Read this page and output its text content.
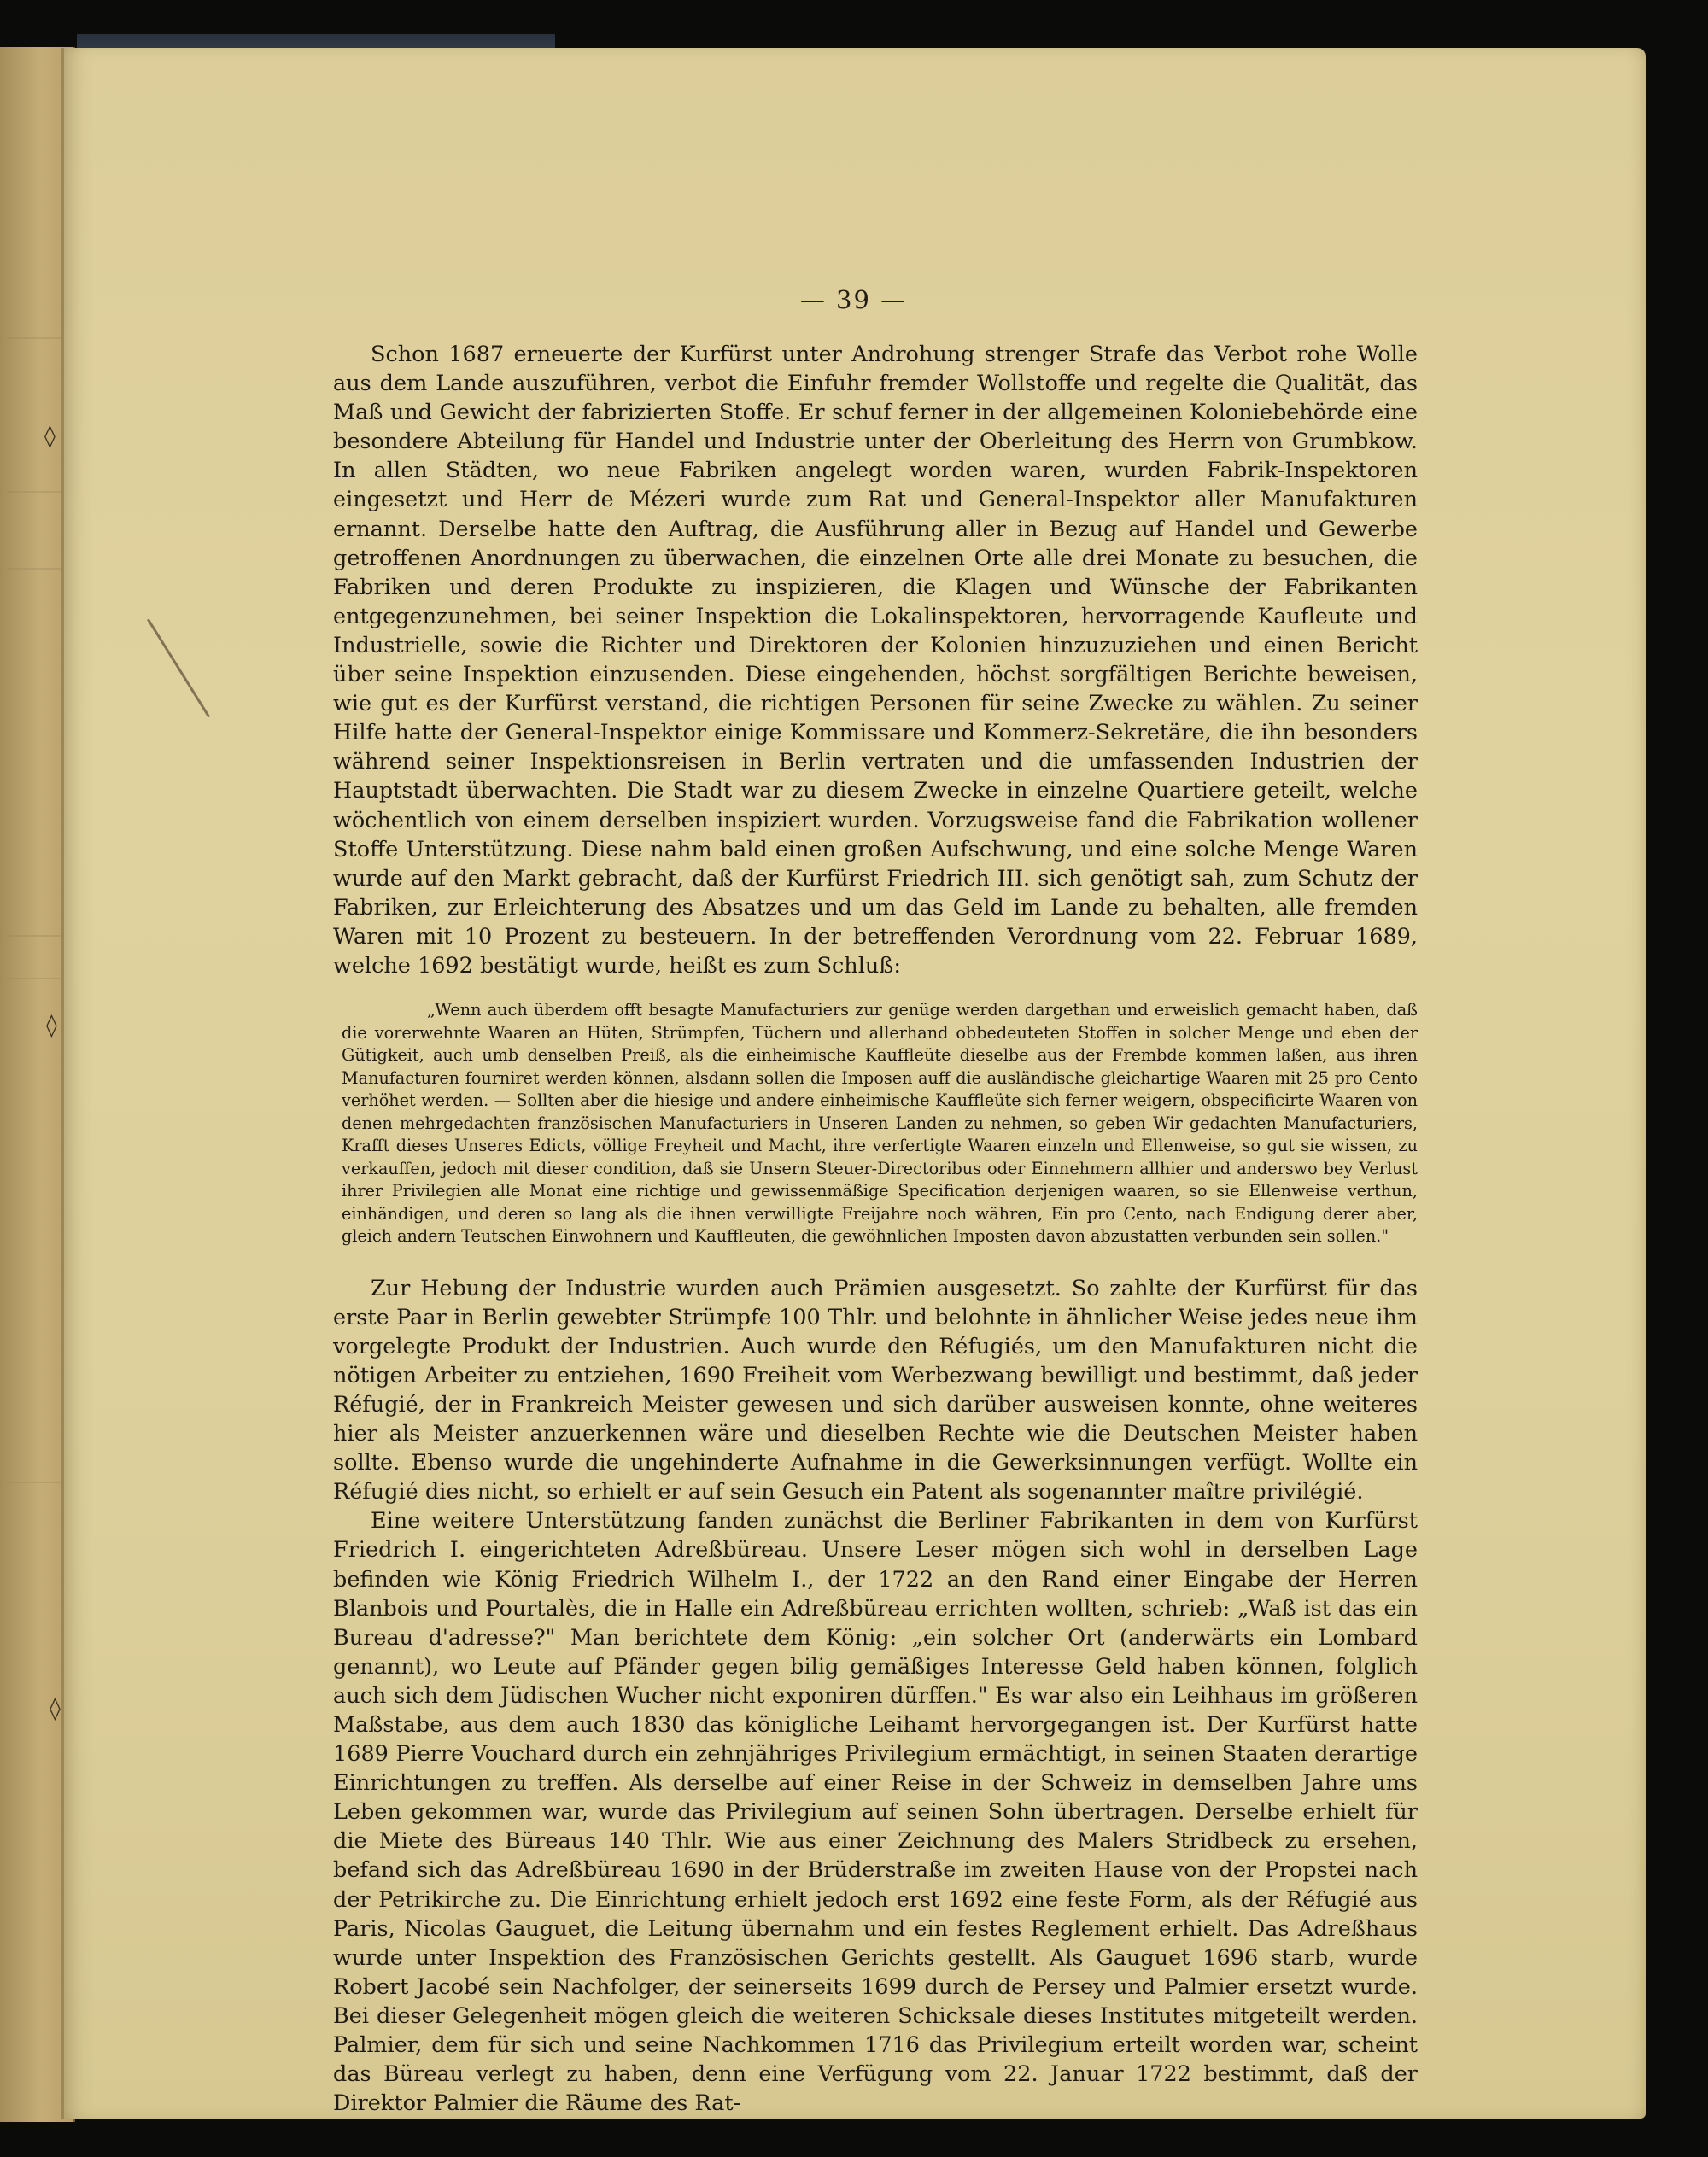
◊
◊
◊
— 39 —

Schon 1687 erneuerte der Kurfürst unter Androhung strenger Strafe das Verbot rohe Wolle aus dem Lande auszuführen, verbot die Einfuhr fremder Wollstoffe und regelte die Qualität, das Maß und Gewicht der fabrizierten Stoffe. Er schuf ferner in der allgemeinen Koloniebehörde eine besondere Abteilung für Handel und Industrie unter der Oberleitung des Herrn von Grumbkow. In allen Städten, wo neue Fabriken angelegt worden waren, wurden Fabrik-Inspektoren eingesetzt und Herr de Mézeri wurde zum Rat und General-Inspektor aller Manufakturen ernannt. Derselbe hatte den Auftrag, die Ausführung aller in Bezug auf Handel und Gewerbe getroffenen Anordnungen zu überwachen, die einzelnen Orte alle drei Monate zu besuchen, die Fabriken und deren Produkte zu inspizieren, die Klagen und Wünsche der Fabrikanten entgegenzunehmen, bei seiner Inspektion die Lokalinspektoren, hervorragende Kaufleute und Industrielle, sowie die Richter und Direktoren der Kolonien hinzuzuziehen und einen Bericht über seine Inspektion einzusenden. Diese eingehenden, höchst sorgfältigen Berichte beweisen, wie gut es der Kurfürst verstand, die richtigen Personen für seine Zwecke zu wählen. Zu seiner Hilfe hatte der General-Inspektor einige Kommissare und Kommerz-Sekretäre, die ihn besonders während seiner Inspektionsreisen in Berlin vertraten und die umfassenden Industrien der Hauptstadt überwachten. Die Stadt war zu diesem Zwecke in einzelne Quartiere geteilt, welche wöchentlich von einem derselben inspiziert wurden. Vorzugsweise fand die Fabrikation wollener Stoffe Unterstützung. Diese nahm bald einen großen Aufschwung, und eine solche Menge Waren wurde auf den Markt gebracht, daß der Kurfürst Friedrich III. sich genötigt sah, zum Schutz der Fabriken, zur Erleichterung des Absatzes und um das Geld im Lande zu behalten, alle fremden Waren mit 10 Prozent zu besteuern. In der betreffenden Verordnung vom 22. Februar 1689, welche 1692 bestätigt wurde, heißt es zum Schluß:

„Wenn auch überdem offt besagte Manufacturiers zur genüge werden dargethan und erweislich gemacht haben, daß die vorerwehnte Waaren an Hüten, Strümpfen, Tüchern und allerhand obbedeuteten Stoffen in solcher Menge und eben der Gütigkeit, auch umb denselben Preiß, als die einheimische Kauffleüte dieselbe aus der Frembde kommen laßen, aus ihren Manufacturen fourniret werden können, alsdann sollen die Imposen auff die ausländische gleichartige Waaren mit 25 pro Cento verhöhet werden. — Sollten aber die hiesige und andere einheimische Kauffleüte sich ferner weigern, obspecificirte Waaren von denen mehrgedachten französischen Manufacturiers in Unseren Landen zu nehmen, so geben Wir gedachten Manufacturiers, Krafft dieses Unseres Edicts, völlige Freyheit und Macht, ihre verfertigte Waaren einzeln und Ellenweise, so gut sie wissen, zu verkauffen, jedoch mit dieser condition, daß sie Unsern Steuer-Directoribus oder Einnehmern allhier und anderswo bey Verlust ihrer Privilegien alle Monat eine richtige und gewissenmäßige Specification derjenigen waaren, so sie Ellenweise verthun, einhändigen, und deren so lang als die ihnen verwilligte Freijahre noch währen, Ein pro Cento, nach Endigung derer aber, gleich andern Teutschen Einwohnern und Kauffleuten, die gewöhnlichen Imposten davon abzustatten verbunden sein sollen."

Zur Hebung der Industrie wurden auch Prämien ausgesetzt. So zahlte der Kurfürst für das erste Paar in Berlin gewebter Strümpfe 100 Thlr. und belohnte in ähnlicher Weise jedes neue ihm vorgelegte Produkt der Industrien. Auch wurde den Réfugiés, um den Manufakturen nicht die nötigen Arbeiter zu entziehen, 1690 Freiheit vom Werbezwang bewilligt und bestimmt, daß jeder Réfugié, der in Frankreich Meister gewesen und sich darüber ausweisen konnte, ohne weiteres hier als Meister anzuerkennen wäre und dieselben Rechte wie die Deutschen Meister haben sollte. Ebenso wurde die ungehinderte Aufnahme in die Gewerksinnungen verfügt. Wollte ein Réfugié dies nicht, so erhielt er auf sein Gesuch ein Patent als sogenannter maître privilégié.

Eine weitere Unterstützung fanden zunächst die Berliner Fabrikanten in dem von Kurfürst Friedrich I. eingerichteten Adreßbüreau. Unsere Leser mögen sich wohl in derselben Lage befinden wie König Friedrich Wilhelm I., der 1722 an den Rand einer Eingabe der Herren Blanbois und Pourtalès, die in Halle ein Adreßbüreau errichten wollten, schrieb: „Waß ist das ein Bureau d'adresse?" Man berichtete dem König: „ein solcher Ort (anderwärts ein Lombard genannt), wo Leute auf Pfänder gegen bilig gemäßiges Interesse Geld haben können, folglich auch sich dem Jüdischen Wucher nicht exponiren dürffen." Es war also ein Leihhaus im größeren Maßstabe, aus dem auch 1830 das königliche Leihamt hervorgegangen ist. Der Kurfürst hatte 1689 Pierre Vouchard durch ein zehnjähriges Privilegium ermächtigt, in seinen Staaten derartige Einrichtungen zu treffen. Als derselbe auf einer Reise in der Schweiz in demselben Jahre ums Leben gekommen war, wurde das Privilegium auf seinen Sohn übertragen. Derselbe erhielt für die Miete des Büreaus 140 Thlr. Wie aus einer Zeichnung des Malers Stridbeck zu ersehen, befand sich das Adreßbüreau 1690 in der Brüderstraße im zweiten Hause von der Propstei nach der Petrikirche zu. Die Einrichtung erhielt jedoch erst 1692 eine feste Form, als der Réfugié aus Paris, Nicolas Gauguet, die Leitung übernahm und ein festes Reglement erhielt. Das Adreßhaus wurde unter Inspektion des Französischen Gerichts gestellt. Als Gauguet 1696 starb, wurde Robert Jacobé sein Nachfolger, der seinerseits 1699 durch de Persey und Palmier ersetzt wurde. Bei dieser Gelegenheit mögen gleich die weiteren Schicksale dieses Institutes mitgeteilt werden. Palmier, dem für sich und seine Nachkommen 1716 das Privilegium erteilt worden war, scheint das Büreau verlegt zu haben, denn eine Verfügung vom 22. Januar 1722 bestimmt, daß der Direktor Palmier die Räume des Rat-
